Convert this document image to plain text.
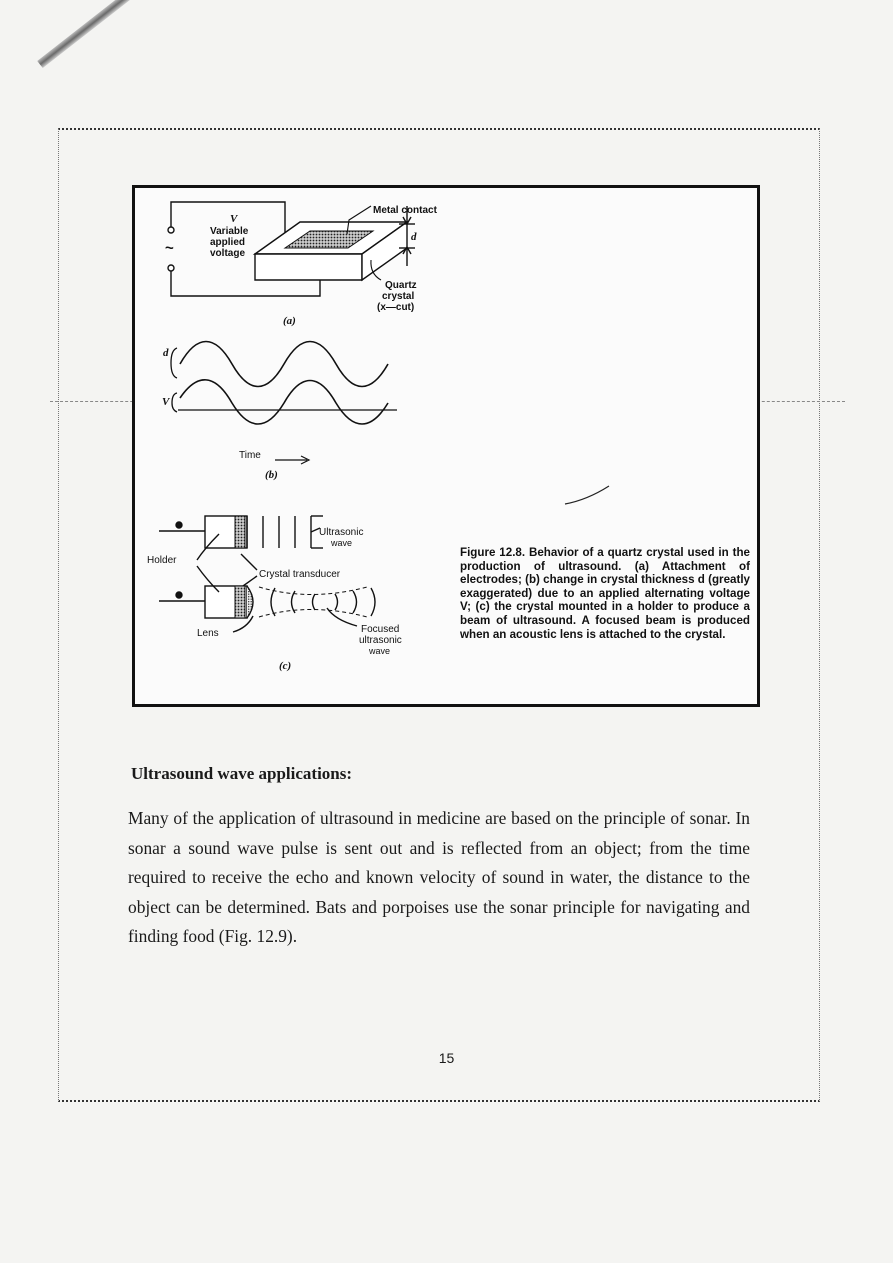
V
Variable
applied
voltage
~
Metal contact
d
Quartz
crystal
(x—cut)
(a)
d
V
Time
(b)
Ultrasonic
wave
Holder
Crystal transducer
Lens	Focused
ultrasonic
wave
(c)
Figure 12.8. Behavior of a quartz crystal used in the production of ultrasound. (a) Attachment of electrodes; (b) change in crystal thickness d (greatly exaggerated) due to an applied alternating voltage V; (c) the crystal mounted in a holder to produce a beam of ultrasound. A focused beam is produced when an acoustic lens is attached to the crystal.
Ultrasound wave applications:
Many of the application of ultrasound in medicine are based on the principle of sonar. In sonar a sound wave pulse is sent out and is reflected from an object; from the time required to receive the echo and known velocity of sound in water, the distance to the object can be determined. Bats and porpoises use the sonar principle for navigating and finding food (Fig. 12.9).
15
